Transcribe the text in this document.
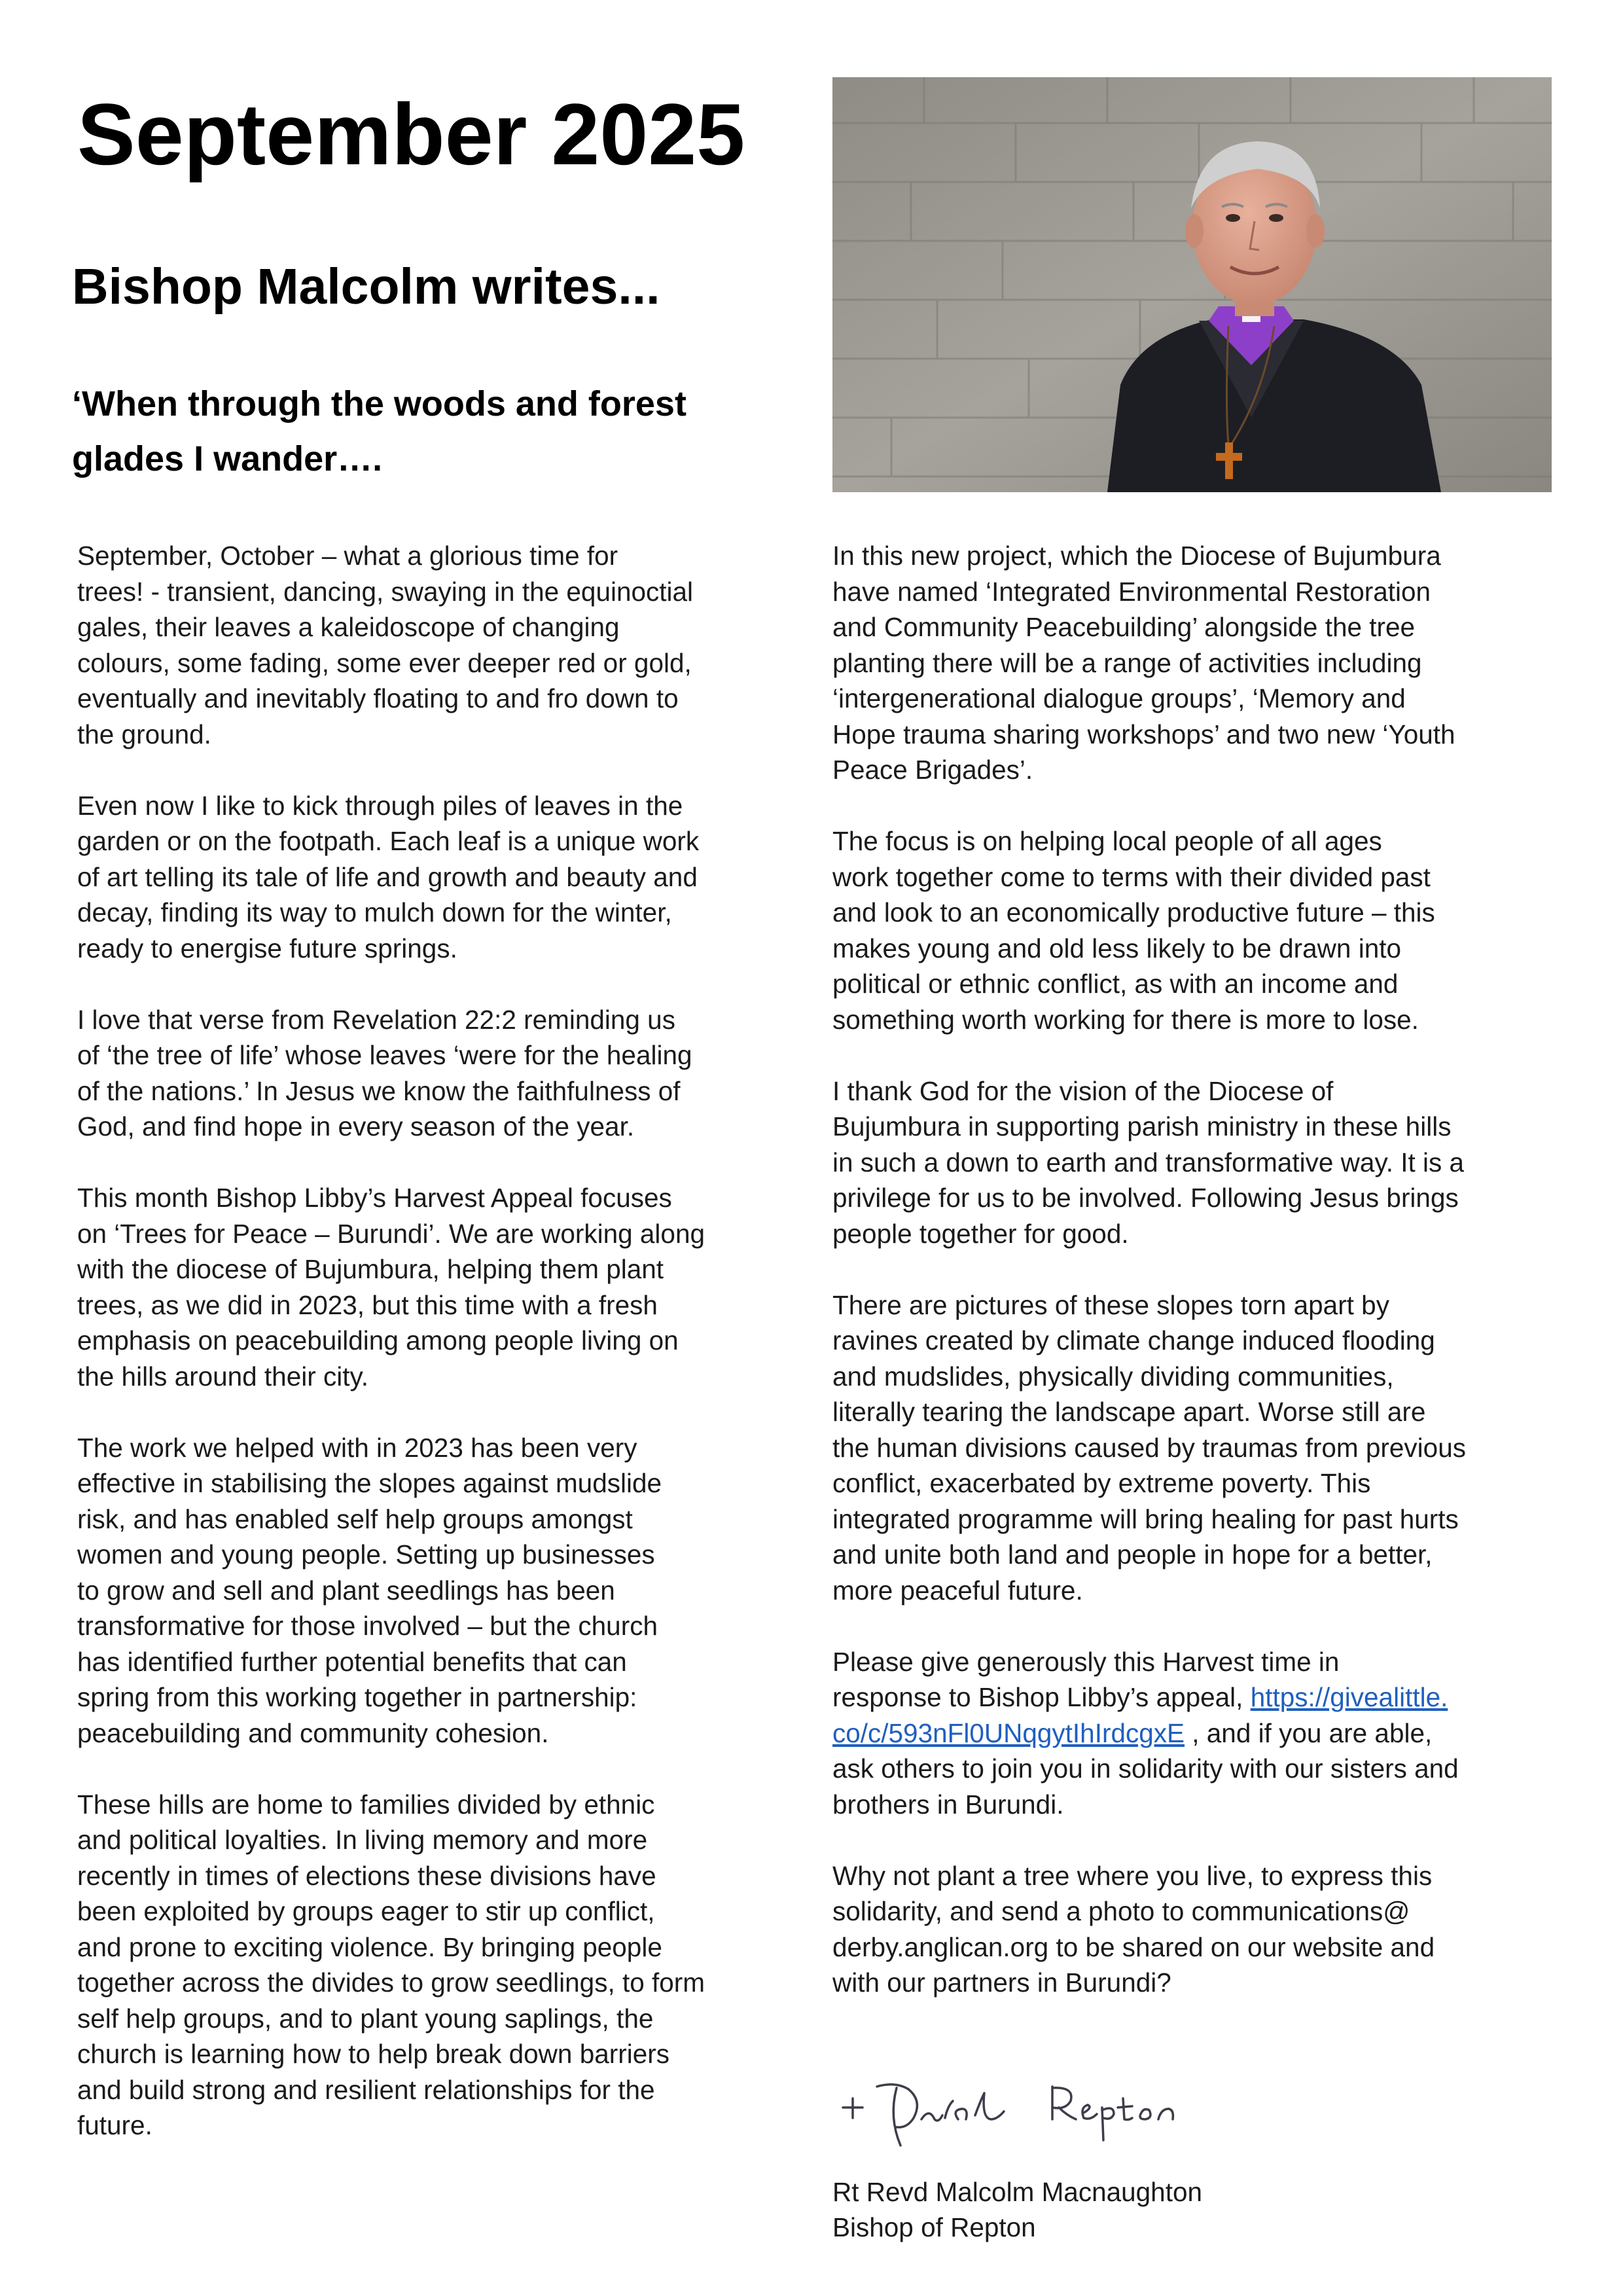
September 2025
Bishop Malcolm writes...
‘When through the woods and forest glades I wander….

September, October – what a glorious time for
trees! - transient, dancing, swaying in the equinoctial
gales, their leaves a kaleidoscope of changing
colours, some fading, some ever deeper red or gold,
eventually and inevitably floating to and fro down to
the ground.

Even now I like to kick through piles of leaves in the
garden or on the footpath. Each leaf is a unique work
of art telling its tale of life and growth and beauty and
decay, finding its way to mulch down for the winter,
ready to energise future springs.

I love that verse from Revelation 22:2 reminding us
of ‘the tree of life’ whose leaves ‘were for the healing
of the nations.’ In Jesus we know the faithfulness of
God, and find hope in every season of the year.

This month Bishop Libby’s Harvest Appeal focuses
on ‘Trees for Peace – Burundi’. We are working along
with the diocese of Bujumbura, helping them plant
trees, as we did in 2023, but this time with a fresh
emphasis on peacebuilding among people living on
the hills around their city.

The work we helped with in 2023 has been very
effective in stabilising the slopes against mudslide
risk, and has enabled self help groups amongst
women and young people. Setting up businesses
to grow and sell and plant seedlings has been
transformative for those involved – but the church
has identified further potential benefits that can
spring from this working together in partnership:
peacebuilding and community cohesion.

These hills are home to families divided by ethnic
and political loyalties. In living memory and more
recently in times of elections these divisions have
been exploited by groups eager to stir up conflict,
and prone to exciting violence. By bringing people
together across the divides to grow seedlings, to form
self help groups, and to plant young saplings, the
church is learning how to help break down barriers
and build strong and resilient relationships for the
future.

In this new project, which the Diocese of Bujumbura
have named ‘Integrated Environmental Restoration
and Community Peacebuilding’ alongside the tree
planting there will be a range of activities including
‘intergenerational dialogue groups’, ‘Memory and
Hope trauma sharing workshops’ and two new ‘Youth
Peace Brigades’.

The focus is on helping local people of all ages
work together come to terms with their divided past
and look to an economically productive future – this
makes young and old less likely to be drawn into
political or ethnic conflict, as with an income and
something worth working for there is more to lose.

I thank God for the vision of the Diocese of
Bujumbura in supporting parish ministry in these hills
in such a down to earth and transformative way. It is a
privilege for us to be involved. Following Jesus brings
people together for good.

There are pictures of these slopes torn apart by
ravines created by climate change induced flooding
and mudslides, physically dividing communities,
literally tearing the landscape apart. Worse still are
the human divisions caused by traumas from previous
conflict, exacerbated by extreme poverty. This
integrated programme will bring healing for past hurts
and unite both land and people in hope for a better,
more peaceful future.

Please give generously this Harvest time in
response to Bishop Libby’s appeal, https://givealittle.
co/c/593nFl0UNqgytIhIrdcgxE , and if you are able,
ask others to join you in solidarity with our sisters and
brothers in Burundi.

Why not plant a tree where you live, to express this
solidarity, and send a photo to communications@
derby.anglican.org to be shared on our website and
with our partners in Burundi?

Rt Revd Malcolm Macnaughton
Bishop of Repton
